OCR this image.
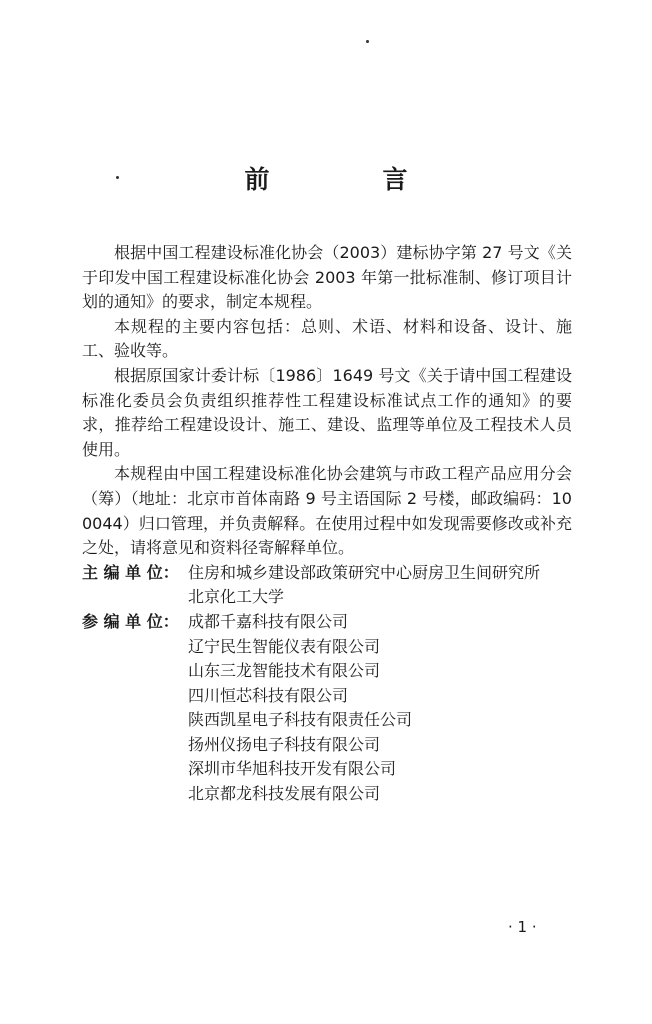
前　言

根据中国工程建设标准化协会（2003）建标协字第 27 号文《关于印发中国工程建设标准化协会 2003 年第一批标准制、修订项目计划的通知》的要求，制定本规程。

本规程的主要内容包括：总则、术语、材料和设备、设计、施工、验收等。

根据原国家计委计标〔1986〕1649 号文《关于请中国工程建设标准化委员会负责组织推荐性工程建设标准试点工作的通知》的要求，推荐给工程建设设计、施工、建设、监理等单位及工程技术人员使用。

本规程由中国工程建设标准化协会建筑与市政工程产品应用分会（筹）（地址：北京市首体南路 9 号主语国际 2 号楼，邮政编码：100044）归口管理，并负责解释。在使用过程中如发现需要修改或补充之处，请将意见和资料径寄解释单位。

主 编 单 位： 住房和城乡建设部政策研究中心厨房卫生间研究所
北京化工大学
参 编 单 位： 成都千嘉科技有限公司
辽宁民生智能仪表有限公司
山东三龙智能技术有限公司
四川恒芯科技有限公司
陕西凯星电子科技有限责任公司
扬州仪扬电子科技有限公司
深圳市华旭科技开发有限公司
北京都龙科技发展有限公司
· 1 ·
